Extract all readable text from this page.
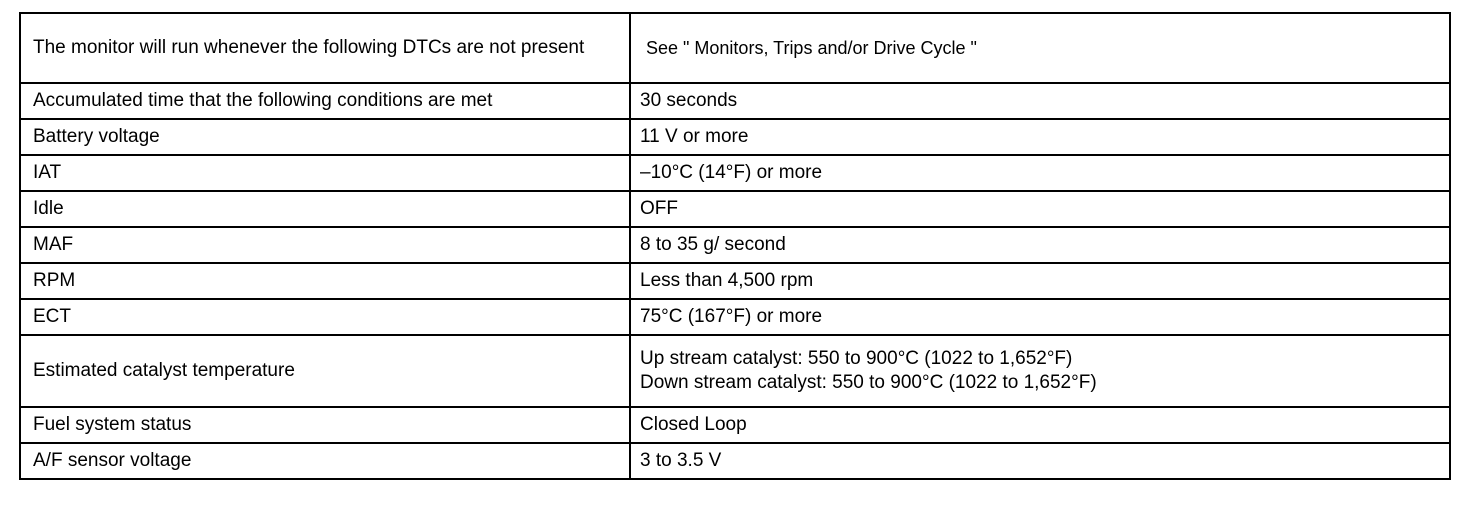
The monitor will run whenever the following DTCs are not present	See " Monitors, Trips and/or Drive Cycle "
Accumulated time that the following conditions are met	30 seconds
Battery voltage	11 V or more
IAT	–10°C (14°F) or more
Idle	OFF
MAF	8 to 35 g/ second
RPM	Less than 4,500 rpm
ECT	75°C (167°F) or more
Estimated catalyst temperature	Up stream catalyst: 550 to 900°C (1022 to 1,652°F)
Down stream catalyst: 550 to 900°C (1022 to 1,652°F)

Fuel system status	Closed Loop
A/F sensor voltage	3 to 3.5 V
